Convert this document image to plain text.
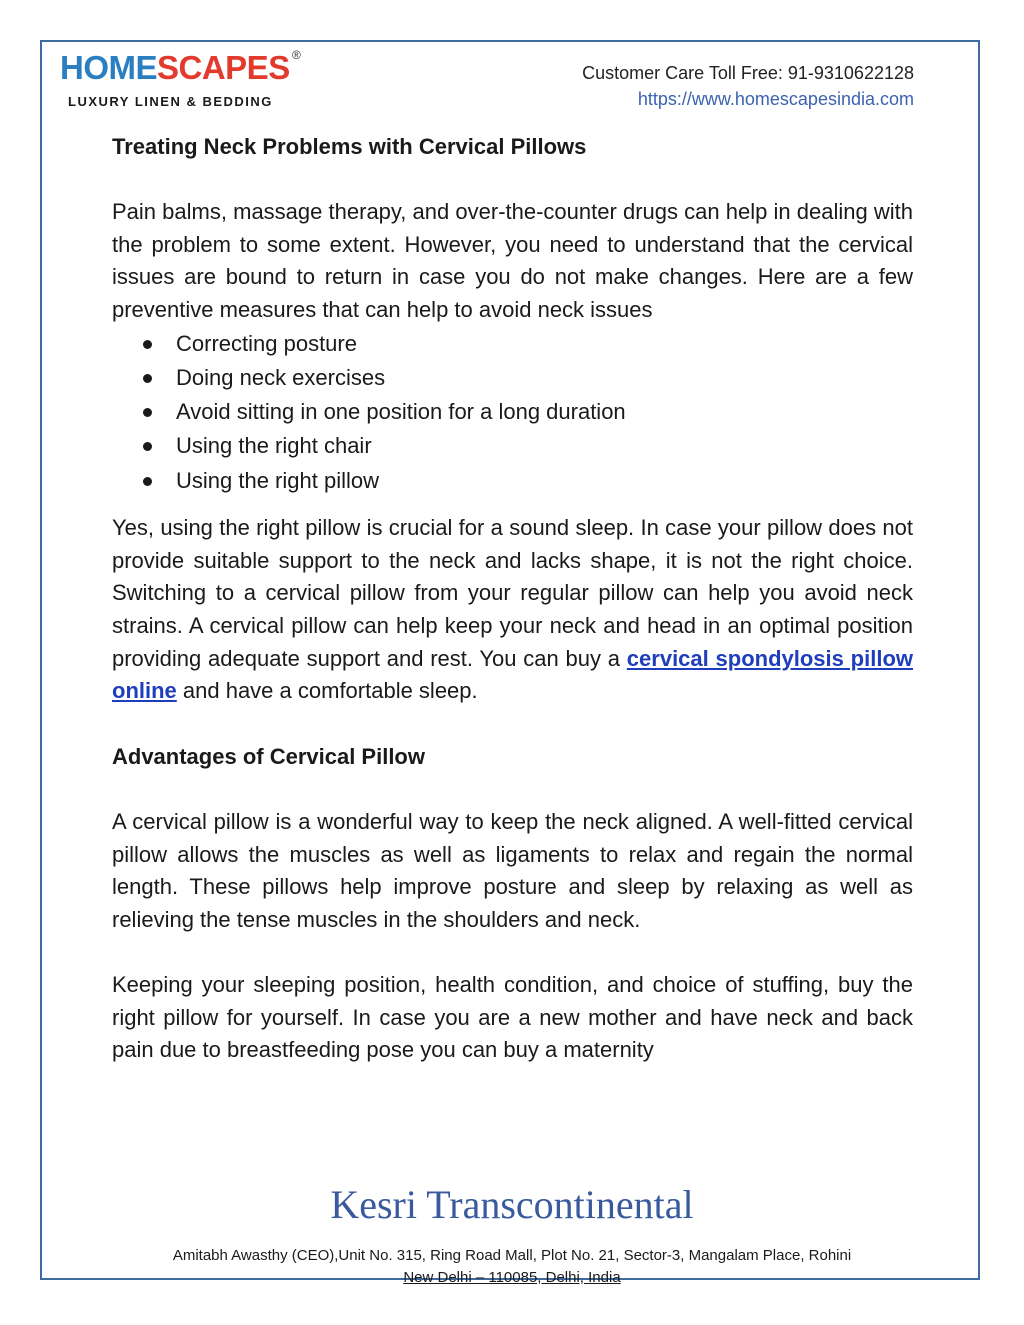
HOMESCAPES ®
LUXURY LINEN & BEDDING
Customer Care Toll Free: 91-9310622128
https://www.homescapesindia.com
Treating Neck Problems with Cervical Pillows

Pain balms, massage therapy, and over-the-counter drugs can help in dealing with the problem to some extent. However, you need to understand that the cervical issues are bound to return in case you do not make changes. Here are a few preventive measures that can help to avoid neck issues

Correcting posture
Doing neck exercises
Avoid sitting in one position for a long duration
Using the right chair
Using the right pillow

Yes, using the right pillow is crucial for a sound sleep. In case your pillow does not provide suitable support to the neck and lacks shape, it is not the right choice. Switching to a cervical pillow from your regular pillow can help you avoid neck strains. A cervical pillow can help keep your neck and head in an optimal position providing adequate support and rest. You can buy a cervical spondylosis pillow online and have a comfortable sleep.

Advantages of Cervical Pillow

A cervical pillow is a wonderful way to keep the neck aligned. A well-fitted cervical pillow allows the muscles as well as ligaments to relax and regain the normal length. These pillows help improve posture and sleep by relaxing as well as relieving the tense muscles in the shoulders and neck.

Keeping your sleeping position, health condition, and choice of stuffing, buy the right pillow for yourself. In case you are a new mother and have neck and back pain due to breastfeeding pose you can buy a maternity

Kesri Transcontinental
Amitabh Awasthy (CEO),Unit No. 315, Ring Road Mall, Plot No. 21, Sector-3, Mangalam Place, Rohini
New Delhi – 110085, Delhi, India
